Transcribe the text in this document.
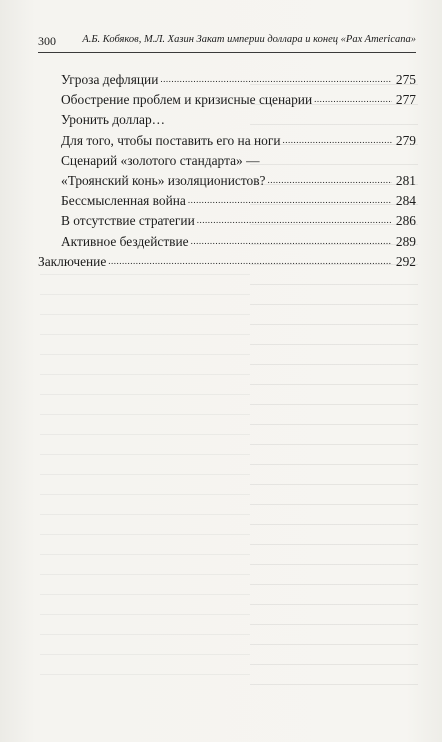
300	А.Б. Кобяков, М.Л. Хазин Закат империи доллара и конец «Pax Americana»
Угроза дефляции .....	275
Обострение проблем и кризисные сценарии .....	277
Уронить доллар…
Для того, чтобы поставить его на ноги .....	279
Сценарий «золотого стандарта» —
«Троянский конь» изоляционистов? .....	281
Бессмысленная война .....	284
В отсутствие стратегии .....	286
Активное бездействие .....	289
Заключение .....	292
